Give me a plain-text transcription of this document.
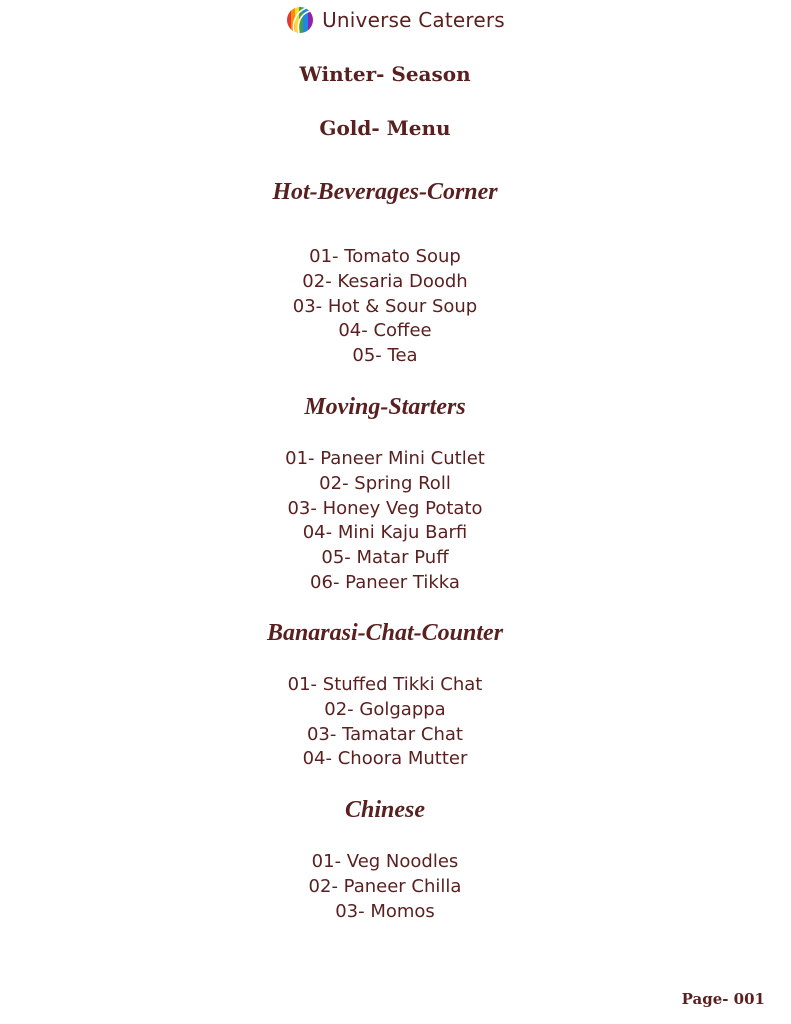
Universe Caterers

Winter- Season

Gold- Menu

Hot-Beverages-Corner

01- Tomato Soup
02- Kesaria Doodh
03- Hot & Sour Soup
04- Coffee
05- Tea

Moving-Starters

01- Paneer Mini Cutlet
02- Spring Roll
03- Honey Veg Potato
04- Mini Kaju Barfi
05- Matar Puff
06- Paneer Tikka

Banarasi-Chat-Counter

01- Stuffed Tikki Chat
02- Golgappa
03- Tamatar Chat
04- Choora Mutter

Chinese

01- Veg Noodles
02- Paneer Chilla
03- Momos
Page- 001
